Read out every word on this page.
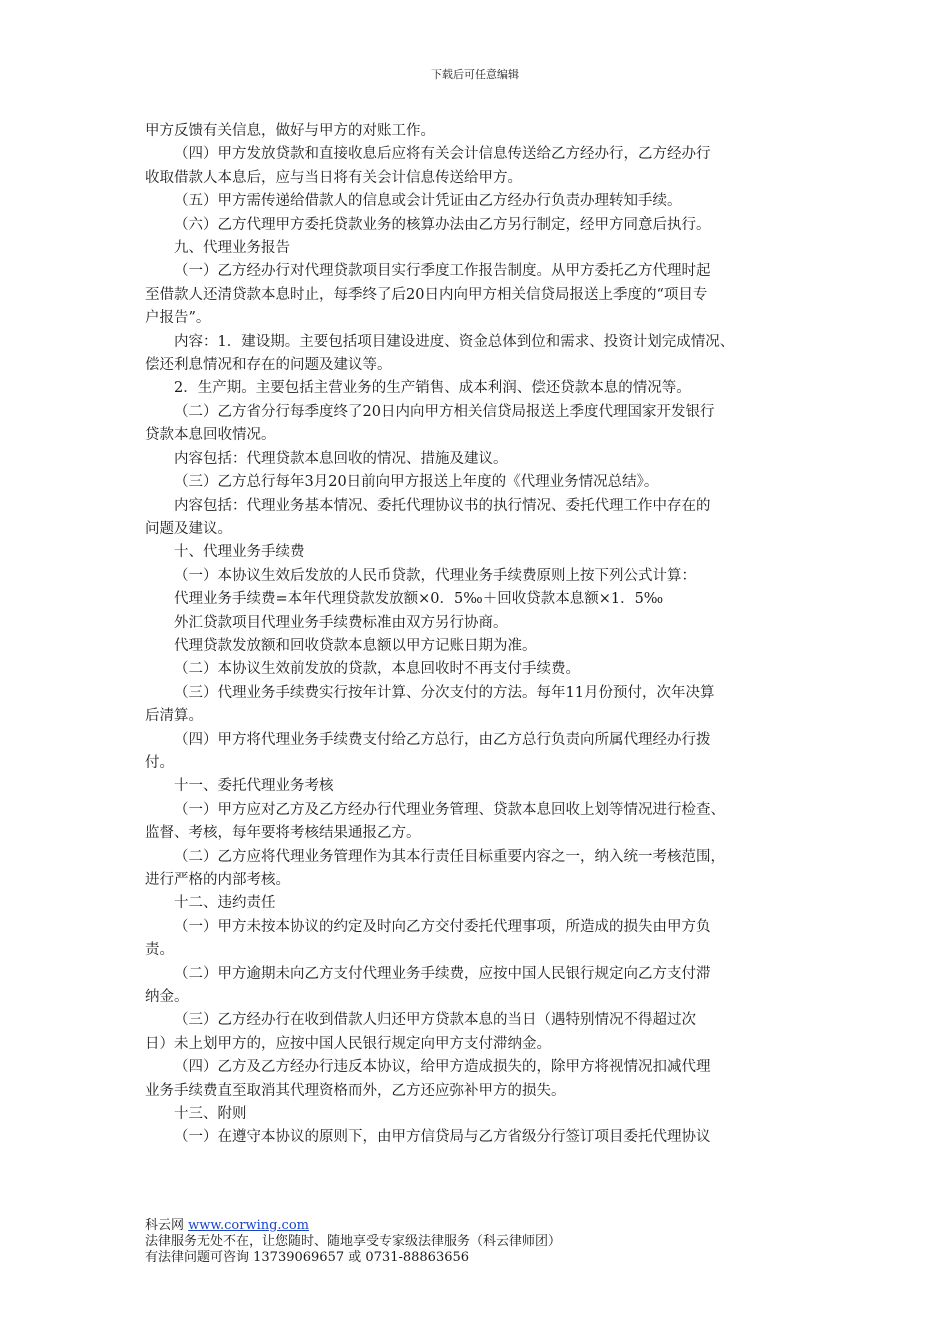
下载后可任意编辑

甲方反馈有关信息，做好与甲方的对账工作。

（四）甲方发放贷款和直接收息后应将有关会计信息传送给乙方经办行，乙方经办行

收取借款人本息后，应与当日将有关会计信息传送给甲方。

（五）甲方需传递给借款人的信息或会计凭证由乙方经办行负责办理转知手续。

（六）乙方代理甲方委托贷款业务的核算办法由乙方另行制定，经甲方同意后执行。

九、代理业务报告

（一）乙方经办行对代理贷款项目实行季度工作报告制度。从甲方委托乙方代理时起

至借款人还清贷款本息时止，每季终了后20日内向甲方相关信贷局报送上季度的“项目专

户报告”。

内容：1．建设期。主要包括项目建设进度、资金总体到位和需求、投资计划完成情况、

偿还利息情况和存在的问题及建议等。

2．生产期。主要包括主营业务的生产销售、成本利润、偿还贷款本息的情况等。

（二）乙方省分行每季度终了20日内向甲方相关信贷局报送上季度代理国家开发银行

贷款本息回收情况。

内容包括：代理贷款本息回收的情况、措施及建议。

（三）乙方总行每年3月20日前向甲方报送上年度的《代理业务情况总结》。

内容包括：代理业务基本情况、委托代理协议书的执行情况、委托代理工作中存在的

问题及建议。

十、代理业务手续费

（一）本协议生效后发放的人民币贷款，代理业务手续费原则上按下列公式计算：

代理业务手续费=本年代理贷款发放额×0．5‰＋回收贷款本息额×1．5‰

外汇贷款项目代理业务手续费标准由双方另行协商。

代理贷款发放额和回收贷款本息额以甲方记账日期为准。

（二）本协议生效前发放的贷款，本息回收时不再支付手续费。

（三）代理业务手续费实行按年计算、分次支付的方法。每年11月份预付，次年决算

后清算。

（四）甲方将代理业务手续费支付给乙方总行，由乙方总行负责向所属代理经办行拨

付。

十一、委托代理业务考核

（一）甲方应对乙方及乙方经办行代理业务管理、贷款本息回收上划等情况进行检查、

监督、考核，每年要将考核结果通报乙方。

（二）乙方应将代理业务管理作为其本行责任目标重要内容之一，纳入统一考核范围，

进行严格的内部考核。

十二、违约责任

（一）甲方未按本协议的约定及时向乙方交付委托代理事项，所造成的损失由甲方负

责。

（二）甲方逾期未向乙方支付代理业务手续费，应按中国人民银行规定向乙方支付滞

纳金。

（三）乙方经办行在收到借款人归还甲方贷款本息的当日（遇特别情况不得超过次

日）未上划甲方的，应按中国人民银行规定向甲方支付滞纳金。

（四）乙方及乙方经办行违反本协议，给甲方造成损失的，除甲方将视情况扣减代理

业务手续费直至取消其代理资格而外，乙方还应弥补甲方的损失。

十三、附则

（一）在遵守本协议的原则下，由甲方信贷局与乙方省级分行签订项目委托代理协议

科云网 www.corwing.com

法律服务无处不在，让您随时、随地享受专家级法律服务（科云律师团）

有法律问题可咨询 13739069657 或 0731-88863656
